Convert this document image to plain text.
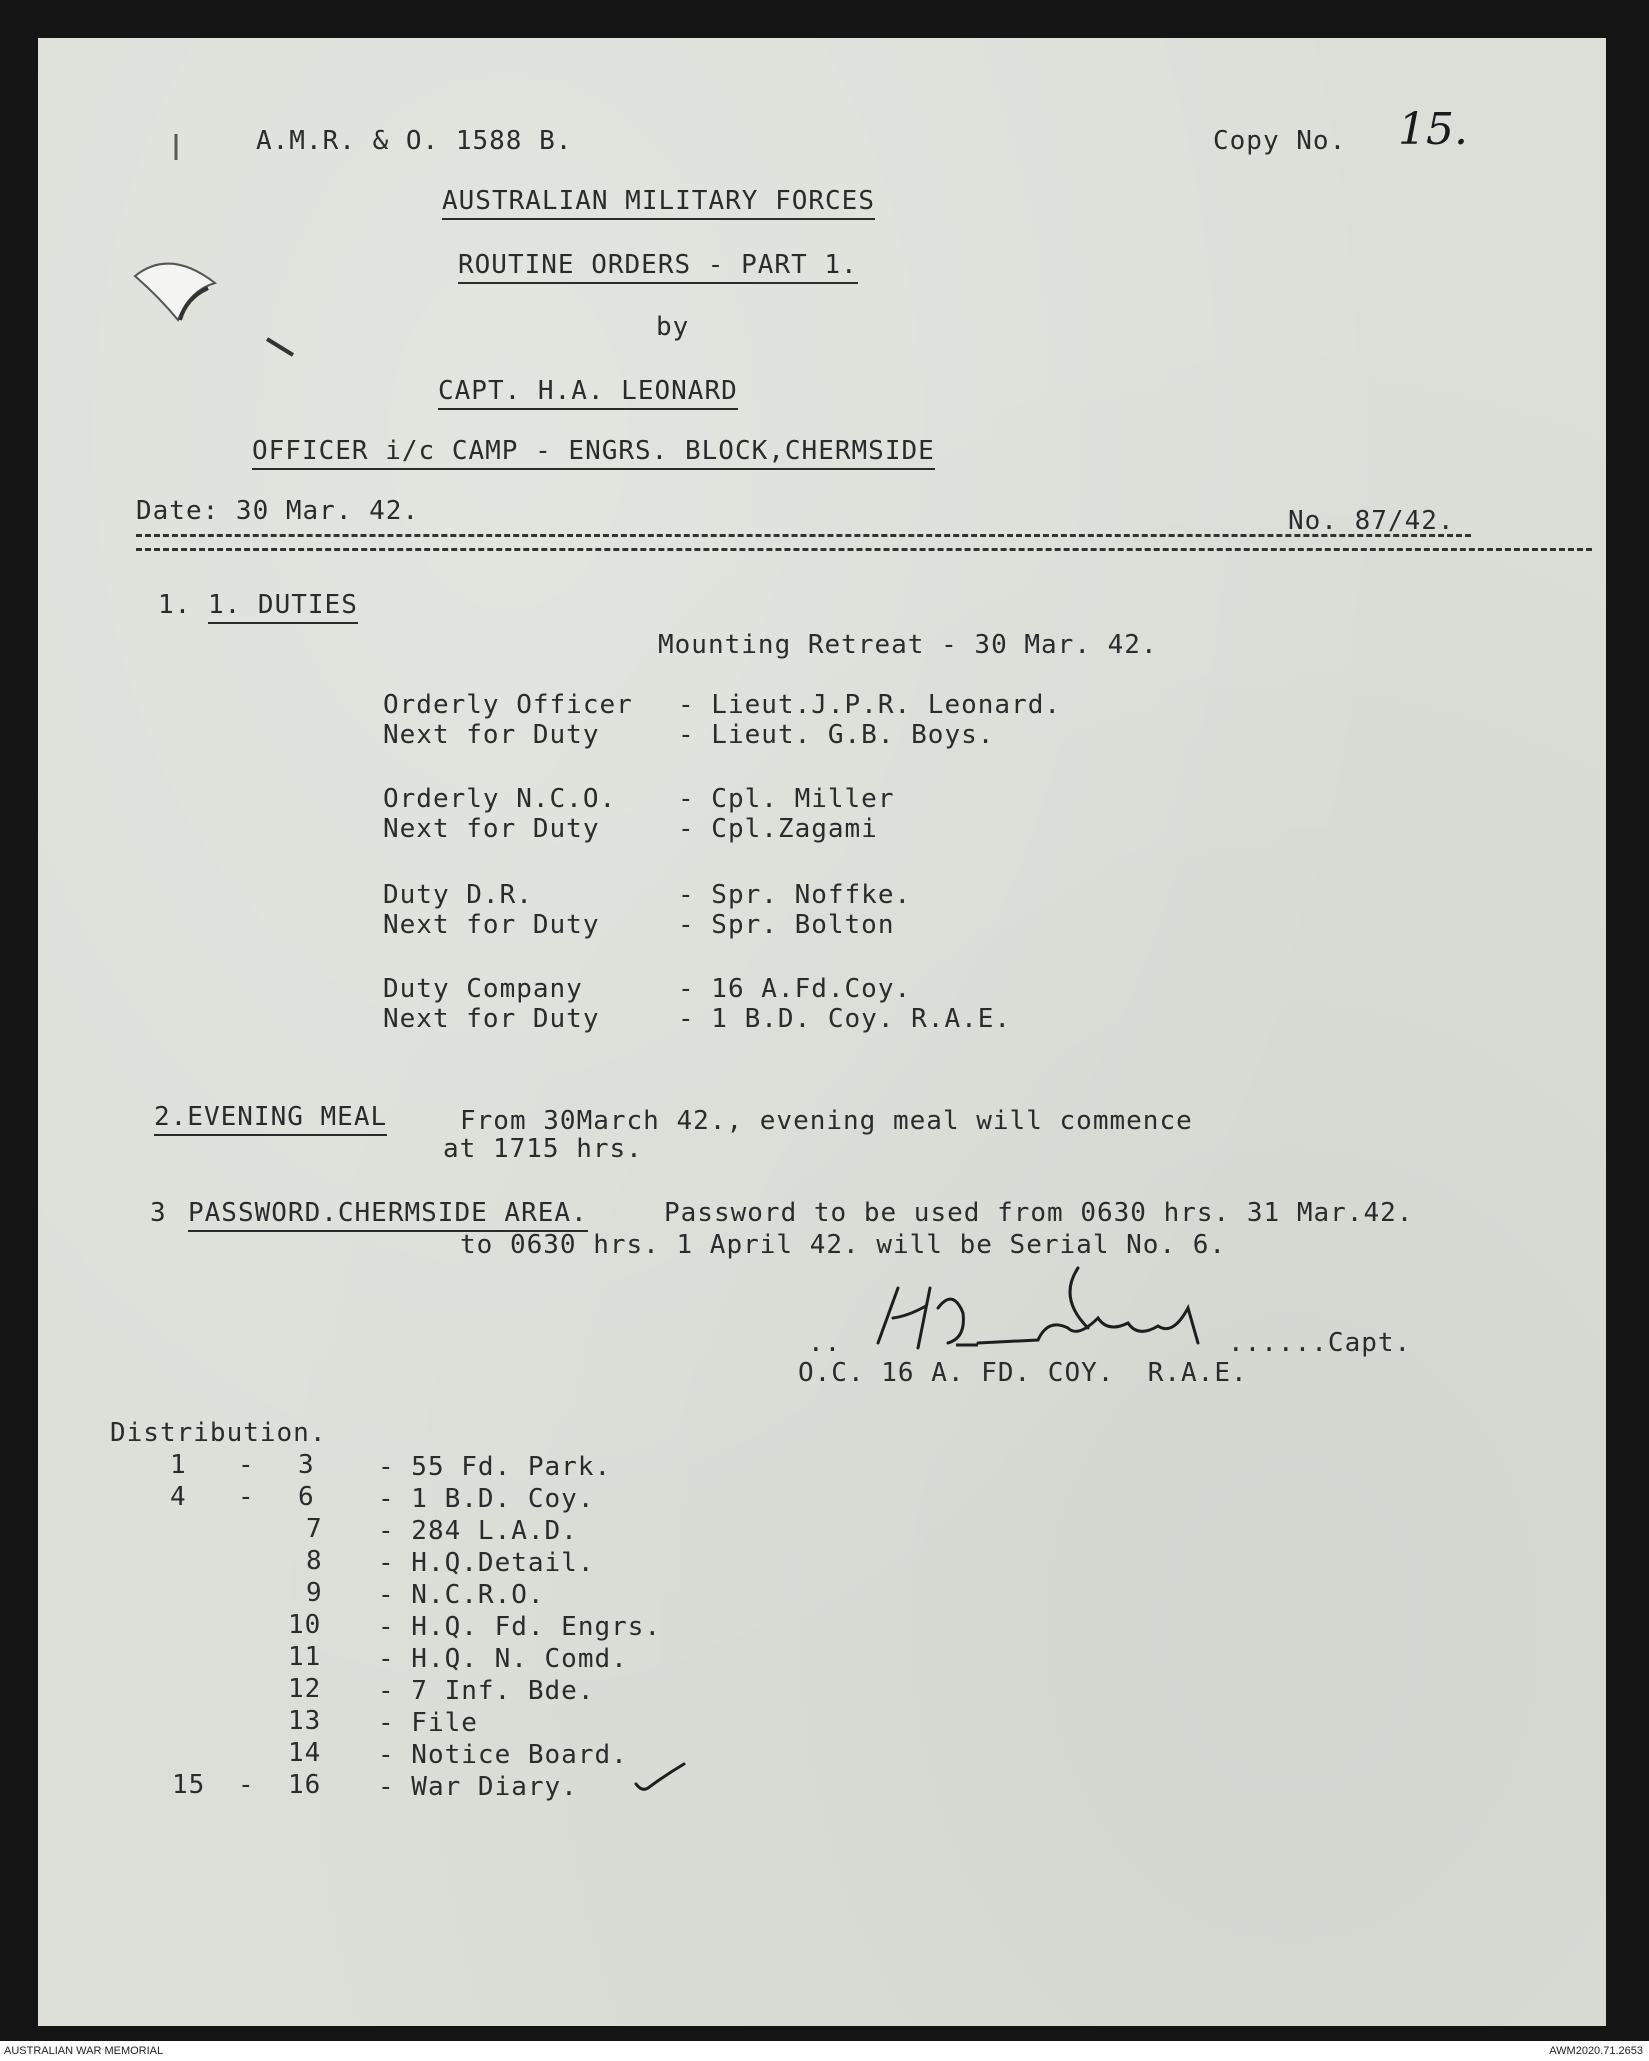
A.M.R. & O. 1588 B.	Copy No. 15.
AUSTRALIAN MILITARY FORCES
ROUTINE ORDERS - PART 1.
by
CAPT. H.A. LEONARD
OFFICER i/c CAMP - ENGRS. BLOCK,CHERMSIDE
Date: 30 Mar. 42.	No. 87/42.
1. 1. DUTIES
Mounting Retreat - 30 Mar. 42.
Orderly Officer - Lieut.J.P.R. Leonard.
Next for Duty	- Lieut. G.B. Boys.
Orderly N.C.O. - Cpl. Miller
Next for Duty	- Cpl.Zagami
Duty D.R.	- Spr. Noffke.
Next for Duty	- Spr. Bolton
Duty Company	- 16 A.Fd.Coy.
Next for Duty	- 1 B.D. Coy. R.A.E.
2.EVENING MEAL	From 30March 42., evening meal will commence
at 1715 hrs.
3 PASSWORD.CHERMSIDE AREA.	Password to be used from 0630 hrs. 31 Mar.42.
to 0630 hrs. 1 April 42. will be Serial No. 6.
..	......Capt.
O.C. 16 A. FD. COY.  R.A.E.
Distribution.
1 - 3 - 55 Fd. Park.
4 - 6 - 1 B.D. Coy.
7 - 284 L.A.D.
8 - H.Q.Detail.
9 - N.C.R.O.
10 - H.Q. Fd. Engrs.
11 - H.Q. N. Comd.
12 - 7 Inf. Bde.
13 - File
14 - Notice Board.
15 - 16 - War Diary.
AUSTRALIAN WAR MEMORIAL	AWM2020.71.2653
